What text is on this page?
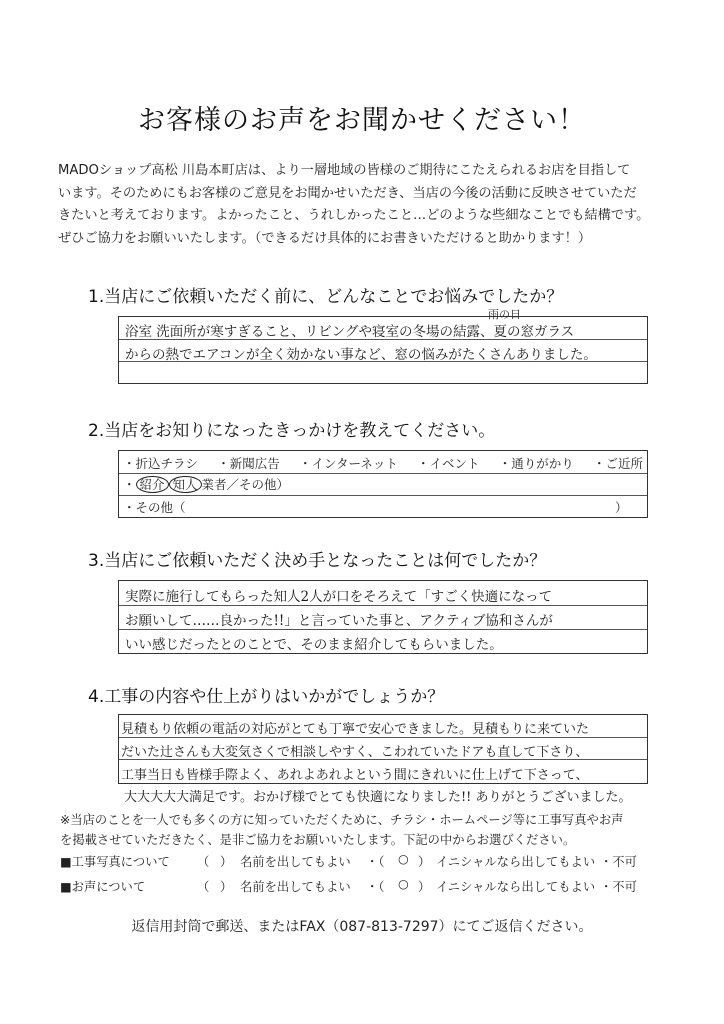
お客様のお声をお聞かせください！
MADOショップ高松 川島本町店は、より一層地域の皆様のご期待にこたえられるお店を目指して
います。そのためにもお客様のご意見をお聞かせいただき、当店の今後の活動に反映させていただ
きたいと考えております。よかったこと、うれしかったこと…どのような些細なことでも結構です。
ぜひご協力をお願いいたします。（できるだけ具体的にお書きいただけると助かります！）
1.当店にご依頼いただく前に、どんなことでお悩みでしたか？
雨の日
浴室 洗面所が寒すぎること、リビングや寝室の冬場の結露、夏の窓ガラス
からの熱でエアコンが全く効かない事など、窓の悩みがたくさんありました。
2.当店をお知りになったきっかけを教えてください。
・折込チラシ ・新聞広告 ・インターネット ・イベント ・通りがかり ・ご近所
・ 紹介 知人 業者／その他）
・その他（	）
3.当店にご依頼いただく決め手となったことは何でしたか？
実際に施行してもらった知人2人が口をそろえて「すごく快適になって
お願いして……良かった!!」と言っていた事と、アクティブ協和さんが
いい感じだったとのことで、そのまま紹介してもらいました。
4.工事の内容や仕上がりはいかがでしょうか？
見積もり依頼の電話の対応がとても丁寧で安心できました。見積もりに来ていた
だいた辻さんも大変気さくで相談しやすく、こわれていたドアも直して下さり、
工事当日も皆様手際よく、あれよあれよという間にきれいに仕上げて下さって、
大大大大大満足です。おかげ様でとても快適になりました!! ありがとうございました。
※当店のことを一人でも多くの方に知っていただくために、チラシ・ホームページ等に工事写真やお声
を掲載させていただきたく、是非ご協力をお願いいたします。下記の中からお選びください。
■工事写真について （ ） 名前を出してもよい ・（ ○ ） イニシャルなら出してもよい ・不可
■お声について	（ ） 名前を出してもよい ・（ ○ ） イニシャルなら出してもよい ・不可
返信用封筒で郵送、またはFAX（087-813-7297）にてご返信ください。
